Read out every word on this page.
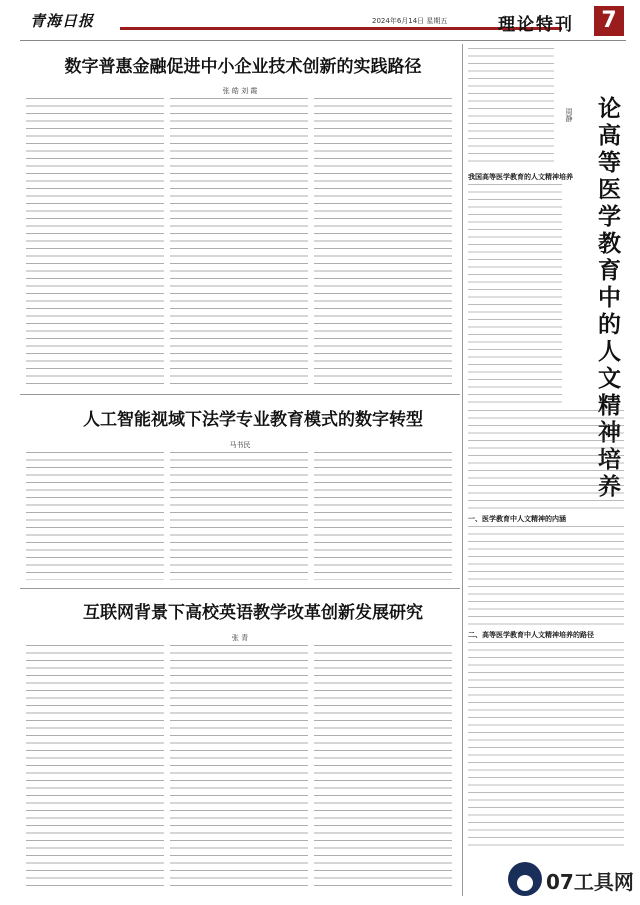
青海日报	2024年6月14日 星期五	理论特刊	7
数字普惠金融促进中小企业技术创新的实践路径
张 皓 刘 霞
人工智能视域下法学专业教育模式的数字转型
马书民
互联网背景下高校英语教学改革创新发展研究
张 青
论高等医学教育中的人文精神培养
周静
我国高等医学教育的人文精神培养
一、医学教育中人文精神的内涵
二、高等医学教育中人文精神培养的路径
07工具网
